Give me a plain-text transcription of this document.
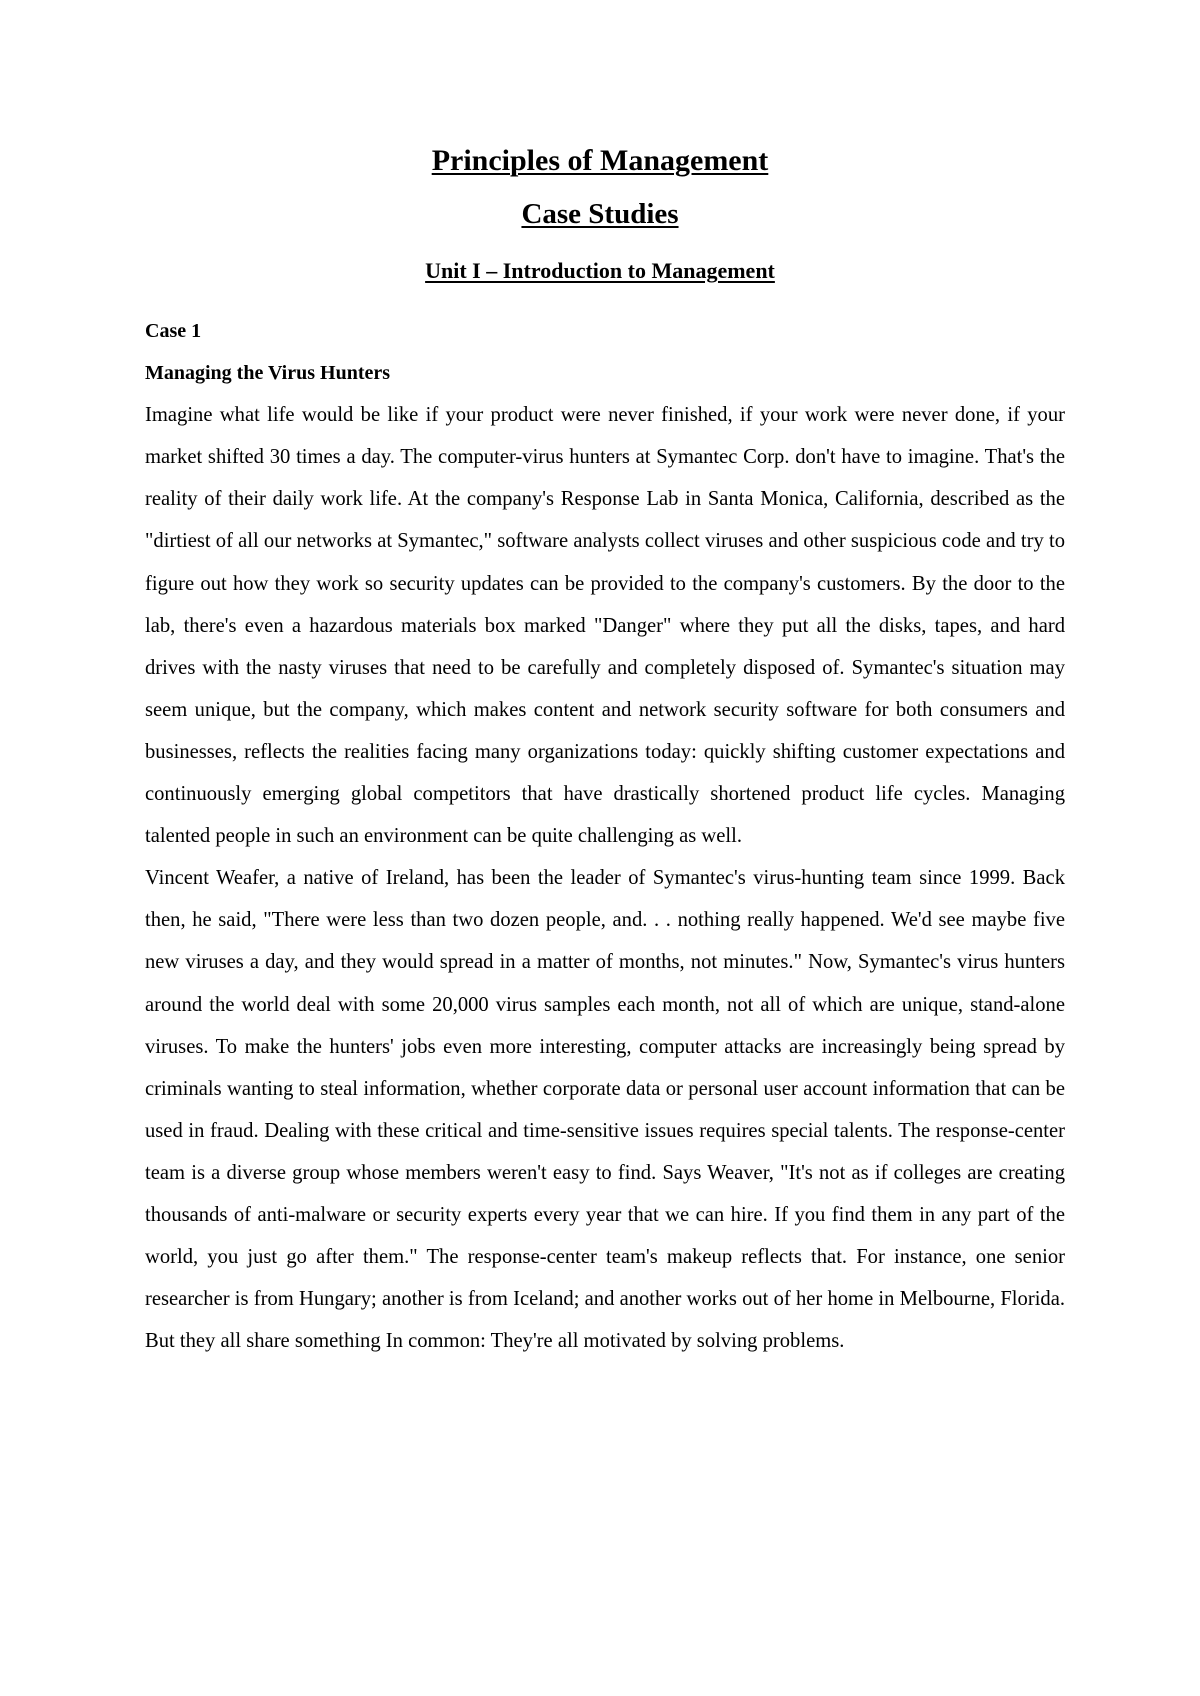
Principles of Management
Case Studies
Unit I – Introduction to Management

Case 1

Managing the Virus Hunters

Imagine what life would be like if your product were never finished, if your work were never done, if your market shifted 30 times a day. The computer-virus hunters at Symantec Corp. don't have to imagine. That's the reality of their daily work life. At the company's Response Lab in Santa Monica, California, described as the "dirtiest of all our networks at Symantec," software analysts collect viruses and other suspicious code and try to figure out how they work so security updates can be provided to the company's customers. By the door to the lab, there's even a hazardous materials box marked "Danger" where they put all the disks, tapes, and hard drives with the nasty viruses that need to be carefully and completely disposed of. Symantec's situation may seem unique, but the company, which makes content and network security software for both consumers and businesses, reflects the realities facing many organizations today: quickly shifting customer expectations and continuously emerging global competitors that have drastically shortened product life cycles. Managing talented people in such an environment can be quite challenging as well.

Vincent Weafer, a native of Ireland, has been the leader of Symantec's virus-hunting team since 1999. Back then, he said, "There were less than two dozen people, and. . . nothing really happened. We'd see maybe five new viruses a day, and they would spread in a matter of months, not minutes." Now, Symantec's virus hunters around the world deal with some 20,000 virus samples each month, not all of which are unique, stand-alone viruses. To make the hunters' jobs even more interesting, computer attacks are increasingly being spread by criminals wanting to steal information, whether corporate data or personal user account information that can be used in fraud. Dealing with these critical and time-sensitive issues requires special talents. The response-center team is a diverse group whose members weren't easy to find. Says Weaver, "It's not as if colleges are creating thousands of anti-malware or security experts every year that we can hire. If you find them in any part of the world, you just go after them." The response-center team's makeup reflects that. For instance, one senior researcher is from Hungary; another is from Iceland; and another works out of her home in Melbourne, Florida. But they all share something In common: They're all motivated by solving problems.
